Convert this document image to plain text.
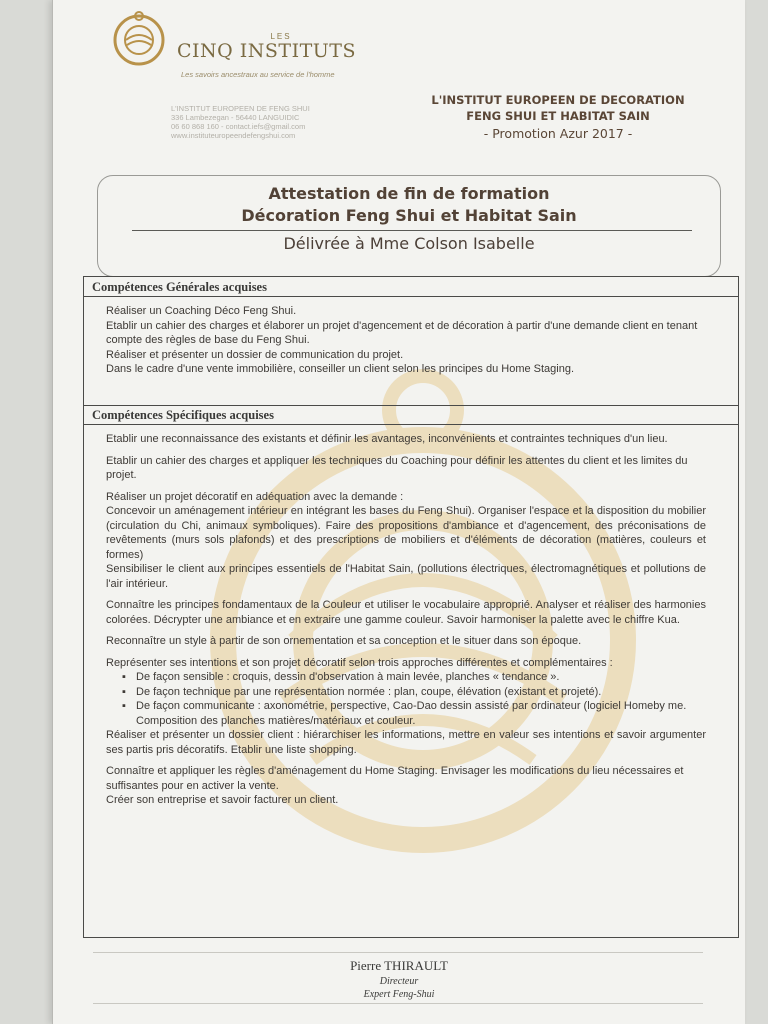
LES
CINQ INSTITUTS
Les savoirs ancestraux au service de l'homme
L'INSTITUT EUROPEEN DE FENG SHUI
336 Lambezegan - 56440 LANGUIDIC
06 60 868 160 - contact.iefs@gmail.com
www.instituteuropeendefengshui.com
L'INSTITUT EUROPEEN DE DECORATION
FENG SHUI ET HABITAT SAIN
- Promotion Azur 2017 -
Attestation de fin de formation
Décoration Feng Shui et Habitat Sain
Délivrée à Mme Colson Isabelle
Compétences Générales acquises

Réaliser un Coaching Déco Feng Shui.

Etablir un cahier des charges et élaborer un projet d'agencement et de décoration à partir d'une demande client en tenant compte des règles de base du Feng Shui.

Réaliser et présenter un dossier de communication du projet.

Dans le cadre d'une vente immobilière, conseiller un client selon les principes du Home Staging.

Compétences Spécifiques acquises

Etablir une reconnaissance des existants et définir les avantages, inconvénients et contraintes techniques d'un lieu.

Etablir un cahier des charges et appliquer les techniques du Coaching pour définir les attentes du client et les limites du projet.

Réaliser un projet décoratif en adéquation avec la demande :

Concevoir un aménagement intérieur en intégrant les bases du Feng Shui). Organiser l'espace et la disposition du mobilier (circulation du Chi, animaux symboliques). Faire des propositions d'ambiance et d'agencement, des préconisations de revêtements (murs sols plafonds) et des prescriptions de mobiliers et d'éléments de décoration (matières, couleurs et formes)

Sensibiliser le client aux principes essentiels de l'Habitat Sain, (pollutions électriques, électromagnétiques et pollutions de l'air intérieur.

Connaître les principes fondamentaux de la Couleur et utiliser le vocabulaire approprié. Analyser et réaliser des harmonies colorées. Décrypter une ambiance et en extraire une gamme couleur. Savoir harmoniser la palette avec le chiffre Kua.

Reconnaître un style à partir de son ornementation et sa conception et le situer dans son époque.

Représenter ses intentions et son projet décoratif selon trois approches différentes et complémentaires :

▪ De façon sensible : croquis, dessin d'observation à main levée, planches « tendance ».
▪ De façon technique par une représentation normée : plan, coupe, élévation (existant et projeté).
▪ De façon communicante : axonométrie, perspective, Cao-Dao dessin assisté par ordinateur (logiciel Homeby me. Composition des planches matières/matériaux et couleur.

Réaliser et présenter un dossier client : hiérarchiser les informations, mettre en valeur ses intentions et savoir argumenter ses partis pris décoratifs. Etablir une liste shopping.

Connaître et appliquer les règles d'aménagement du Home Staging. Envisager les modifications du lieu nécessaires et suffisantes pour en activer la vente.

Créer son entreprise et savoir facturer un client.

Pierre THIRAULT
Directeur
Expert Feng-Shui
